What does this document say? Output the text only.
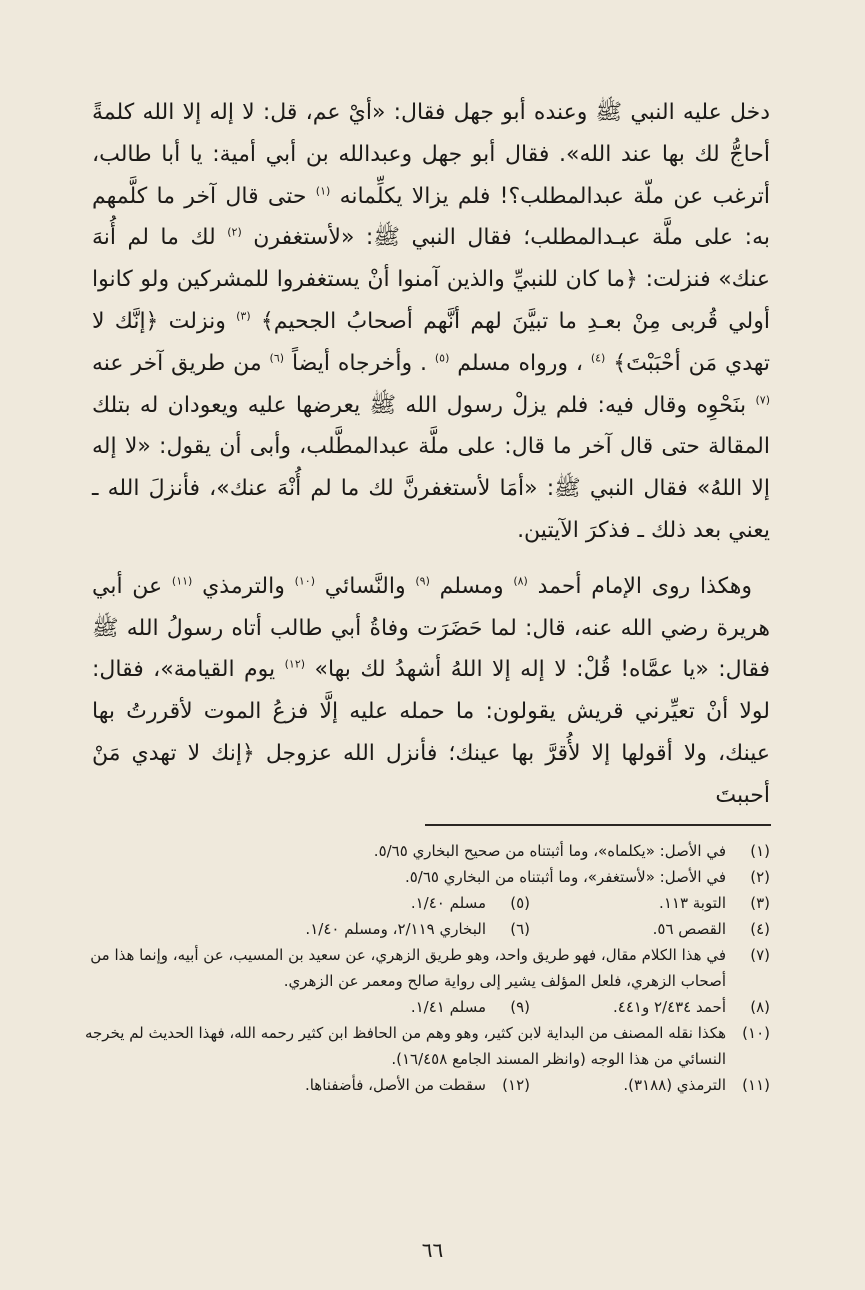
دخل عليه النبي ﷺ وعنده أبو جهل فقال: «أيْ عم، قل: لا إله إلا الله كلمةً أحاجُّ لك بها عند الله». فقال أبو جهل وعبدالله بن أبي أمية: يا أبا طالب، أترغب عن ملّة عبدالمطلب؟! فلم يزالا يكلِّمانه $^{(١)}$ حتى قال آخر ما كلَّمهم به: على ملَّة عبـدالمطلب؛ فقال النبي ﷺ: «لأستغفرن $^{(٢)}$ لك ما لم أُنهَ عنك» فنزلت: ﴿ما كان للنبيِّ والذين آمنوا أنْ يستغفروا للمشركين ولو كانوا أولي قُربى مِنْ بعـدِ ما تبيَّنَ لهم أنَّهم أصحابُ الجحيم﴾ $^{(٣)}$ ونزلت ﴿إنَّك لا تهدي مَن أحْبَبْتَ﴾ $^{(٤)}$ ، ورواه مسلم $^{(٥)}$ . وأخرجاه أيضاً $^{(٦)}$ من طريق آخر عنه $^{(٧)}$ بنَحْوِه وقال فيه: فلم يزلْ رسول الله ﷺ يعرضها عليه ويعودان له بتلك المقالة حتى قال آخر ما قال: على ملَّة عبدالمطَّلب، وأبى أن يقول: «لا إله إلا اللهُ» فقال النبي ﷺ: «أمَا لأستغفرنَّ لك ما لم أُنْهَ عنك»، فأنزلَ الله ـ يعني بعد ذلك ـ فذكرَ الآيتين.

وهكذا روى الإمام أحمد $^{(٨)}$ ومسلم $^{(٩)}$ والنَّسائي $^{(١٠)}$ والترمذي $^{(١١)}$ عن أبي هريرة رضي الله عنه، قال: لما حَضَرَت وفاةُ أبي طالب أتاه رسولُ الله ﷺ فقال: «يا عمَّاه! قُلْ: لا إله إلا اللهُ أشهدُ لك بها» $^{(١٢)}$ يوم القيامة»، فقال: لولا أنْ تعيِّرني قريش يقولون: ما حمله عليه إلَّا فزعُ الموت لأقررتُ بها عينك، ولا أقولها إلا لأُقرَّ بها عينك؛ فأنزل الله عزوجل ﴿إنك لا تهدي مَنْ أحببتَ

(١)
في الأصل: «يكلماه»، وما أثبتناه من صحيح البخاري ٥/٦٥.
(٢)
في الأصل: «لأستغفر»، وما أثبتناه من البخاري ٥/٦٥.
(٣)
التوبة ١١٣.
(٥)
مسلم ١/٤٠.
(٤)
القصص ٥٦.
(٦)
البخاري ٢/١١٩، ومسلم ١/٤٠.
(٧)
في هذا الكلام مقال، فهو طريق واحد، وهو طريق الزهري، عن سعيد بن المسيب، عن أبيه، وإنما هذا من أصحاب الزهري، فلعل المؤلف يشير إلى رواية صالح ومعمر عن الزهري.
(٨)
أحمد ٢/٤٣٤ و٤٤١.
(٩)
مسلم ١/٤١.
(١٠)
هكذا نقله المصنف من البداية لابن كثير، وهو وهم من الحافظ ابن كثير رحمه الله، فهذا الحديث لم يخرجه النسائي من هذا الوجه (وانظر المسند الجامع ١٦/٤٥٨).
(١١)
الترمذي (٣١٨٨).
(١٢)
سقطت من الأصل، فأضفناها.
٦٦
